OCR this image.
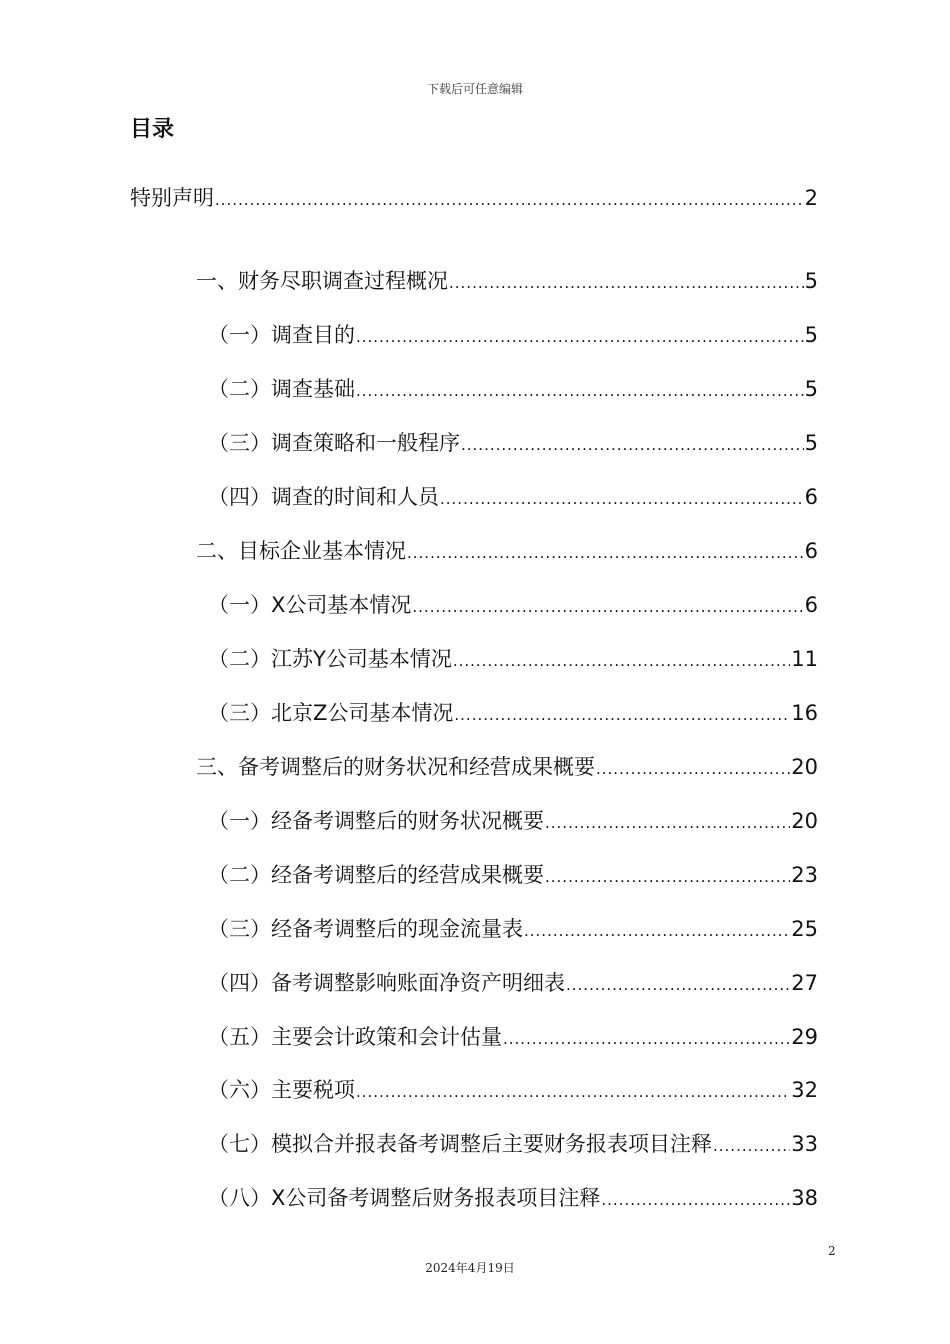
下载后可任意编辑
目录
特别声明 .....	2
一、财务尽职调查过程概况 .....	5
（一）调查目的 .....	5
（二）调查基础 .....	5
（三）调查策略和一般程序 .....	5
（四）调查的时间和人员 .....	6
二、目标企业基本情况 .....	6
（一）X公司基本情况 .....	6
（二）江苏Y公司基本情况 .....	11
（三）北京Z公司基本情况 .....	16
三、备考调整后的财务状况和经营成果概要 .....	20
（一）经备考调整后的财务状况概要 .....	20
（二）经备考调整后的经营成果概要 .....	23
（三）经备考调整后的现金流量表 .....	25
（四）备考调整影响账面净资产明细表 .....	27
（五）主要会计政策和会计估量 .....	29
（六）主要税项 .....	32
（七）模拟合并报表备考调整后主要财务报表项目注释 .....	33
（八）X公司备考调整后财务报表项目注释 .....	38
2
2024年4月19日
